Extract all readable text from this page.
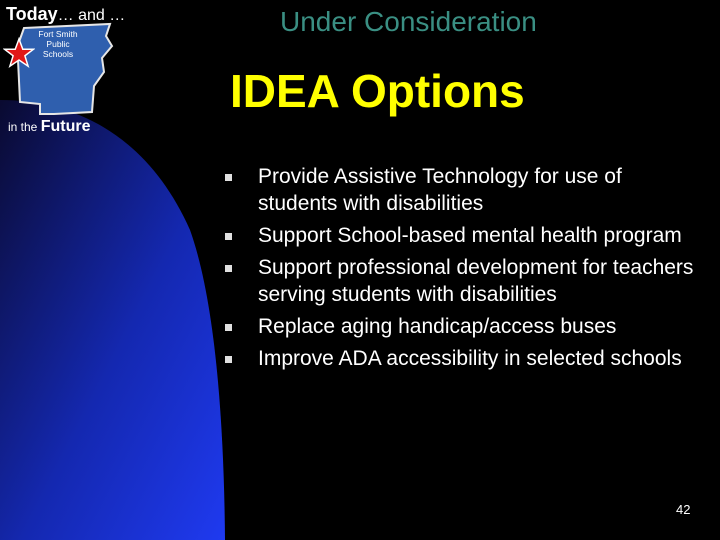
Today… and …
Fort Smith
Public Schools
in the Future
Under Consideration
IDEA Options
Provide Assistive Technology for use of students with disabilities
Support School-based mental health program
Support professional development for teachers serving students with disabilities
Replace aging handicap/access buses
Improve ADA accessibility in selected schools
42
